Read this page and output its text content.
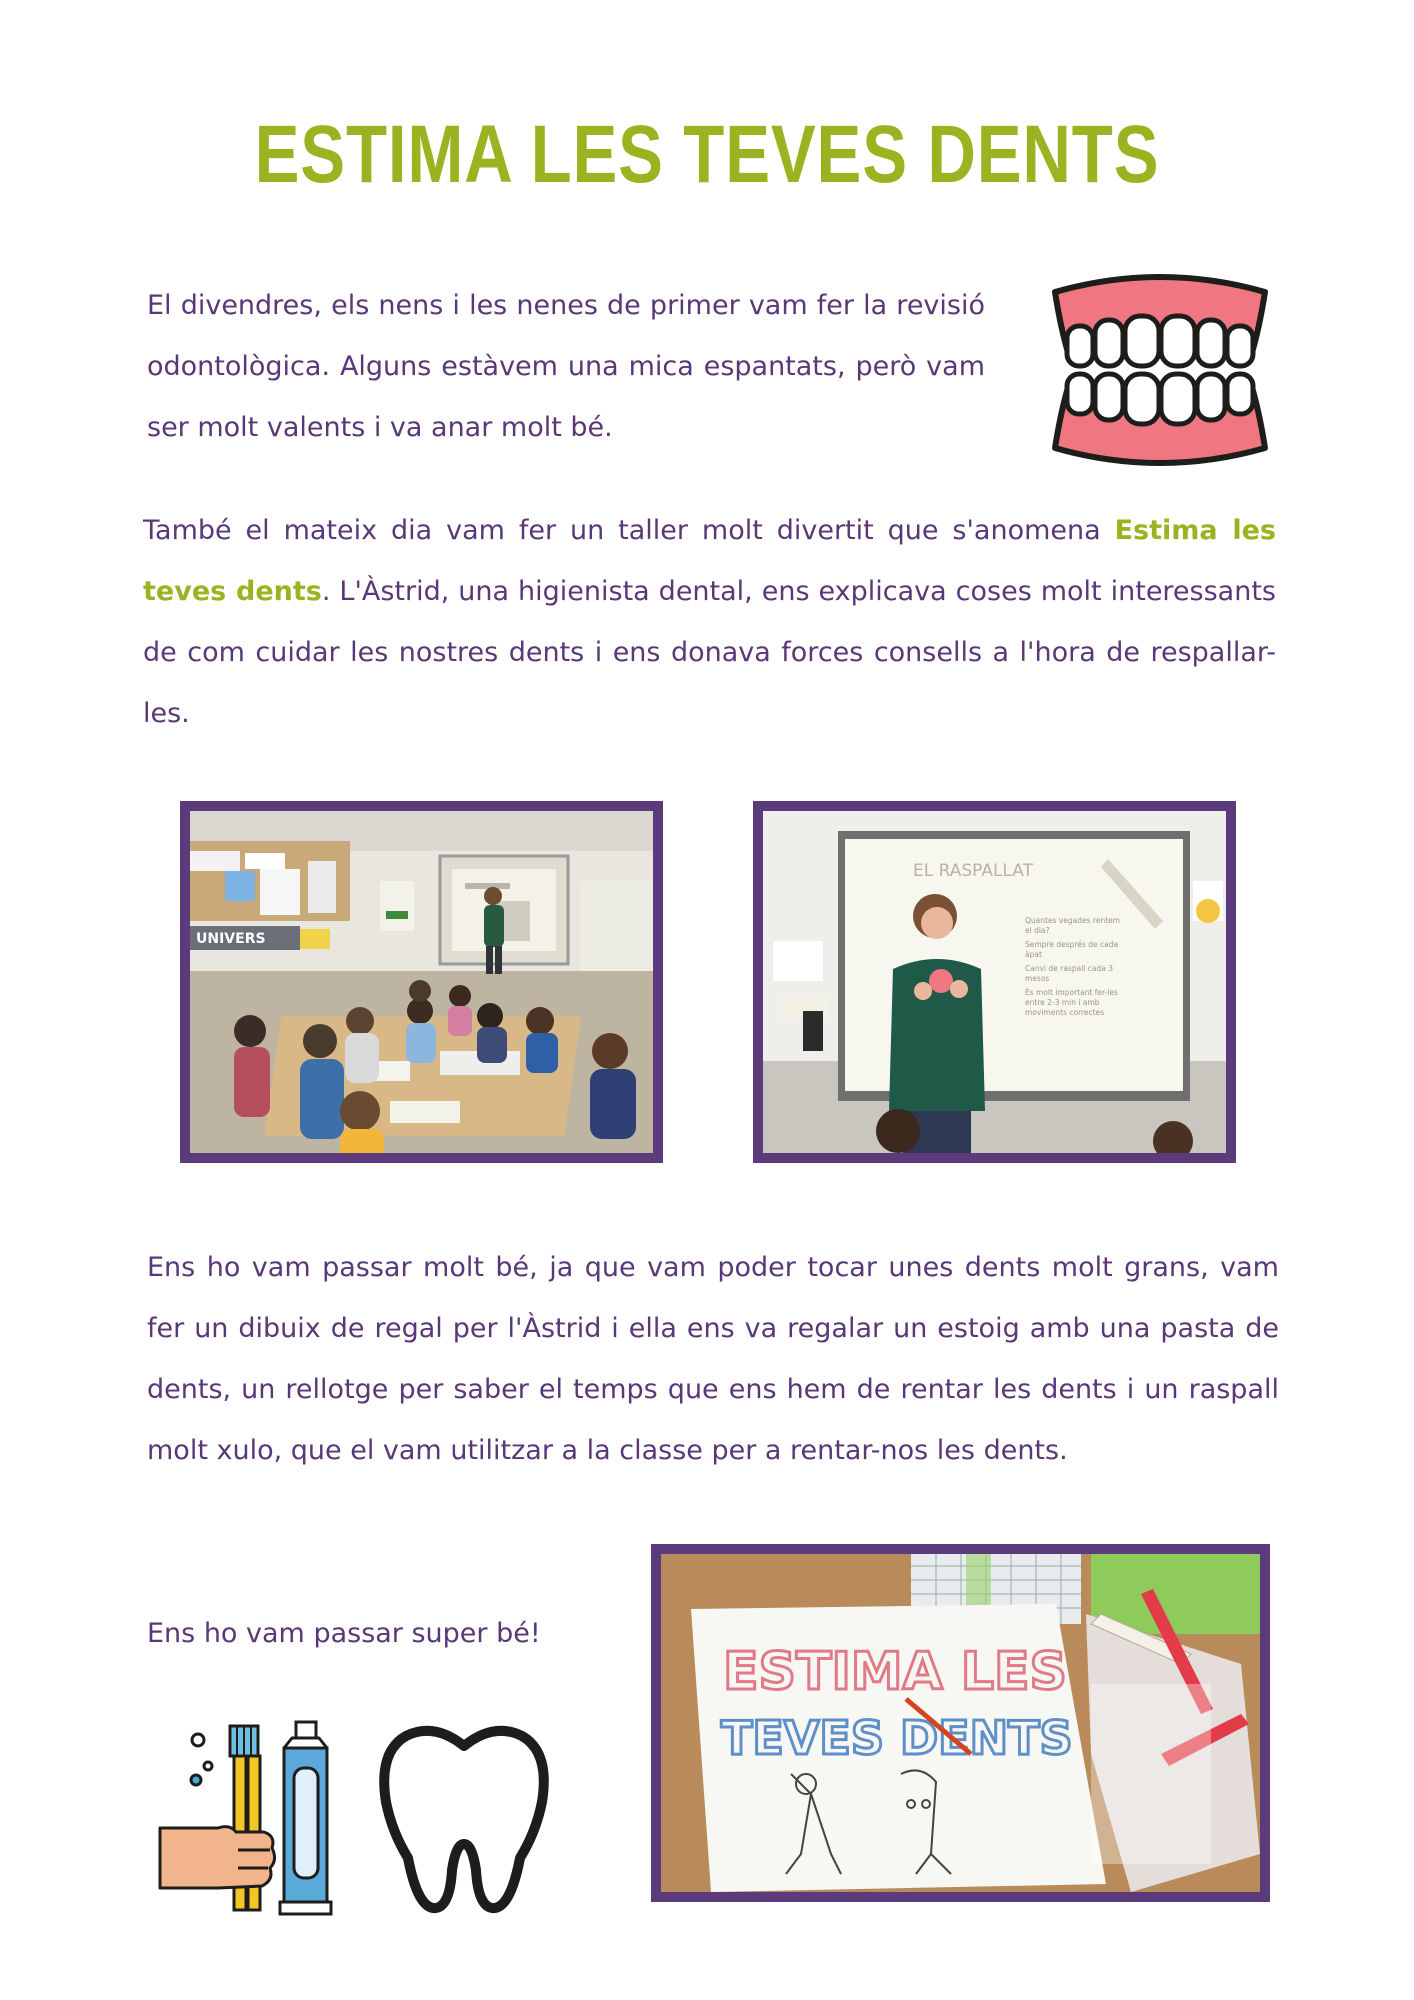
ESTIMA LES TEVES DENTS

El divendres, els nens i les nenes de primer vam fer la revisió odontològica. Alguns estàvem una mica espantats, però vam ser molt valents i va anar molt bé.

També el mateix dia vam fer un taller molt divertit que s'anomena Estima les teves dents. L'Àstrid, una higienista dental, ens explicava coses molt interessants de com cuidar les nostres dents i ens donava forces consells a l'hora de respallar-les.

UNIVERS
EL RASPALLAT
Quantes vegades rentem
el dia?
Sempre després de cada
àpat
Canvi de raspall cada 3
mesos
És molt important fer-les
entre 2-3 min i amb
moviments correctes

Ens ho vam passar molt bé, ja que vam poder tocar unes dents molt grans, vam fer un dibuix de regal per l'Àstrid i ella ens va regalar un estoig amb una pasta de dents, un rellotge per saber el temps que ens hem de rentar les dents i un raspall molt xulo, que el vam utilitzar a la classe per a rentar-nos les dents.

Ens ho vam passar super bé!

ESTIMA LES
TEVES DENTS
